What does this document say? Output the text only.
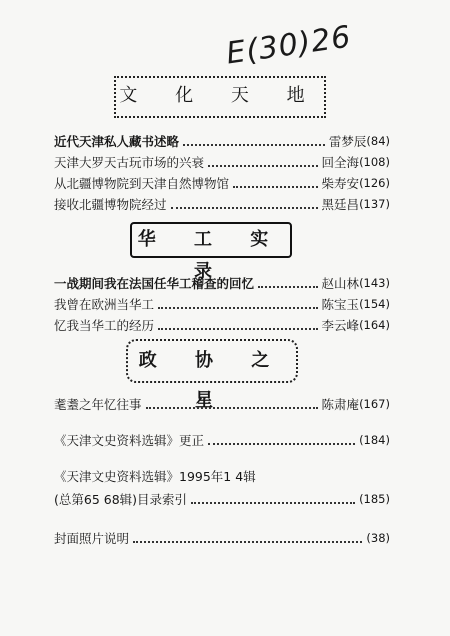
E(30)26
文 化 天 地
近代天津私人藏书述略	雷梦辰 (84)
天津大罗天古玩市场的兴衰	回全海 (108)
从北疆博物院到天津自然博物馆	柴寿安 (126)
接收北疆博物院经过	黑廷昌 (137)
华 工 实 录
一战期间我在法国任华工稽查的回忆	赵山林 (143)
我曾在欧洲当华工	陈宝玉 (154)
忆我当华工的经历	李云峰 (164)
政 协 之 星
耄耋之年忆往事	陈肃庵 (167)
《天津文史资料选辑》更正	(184)
《天津文史资料选辑》1995年1 4辑
(总第65 68辑)目录索引	(185)
封面照片说明	(38)
